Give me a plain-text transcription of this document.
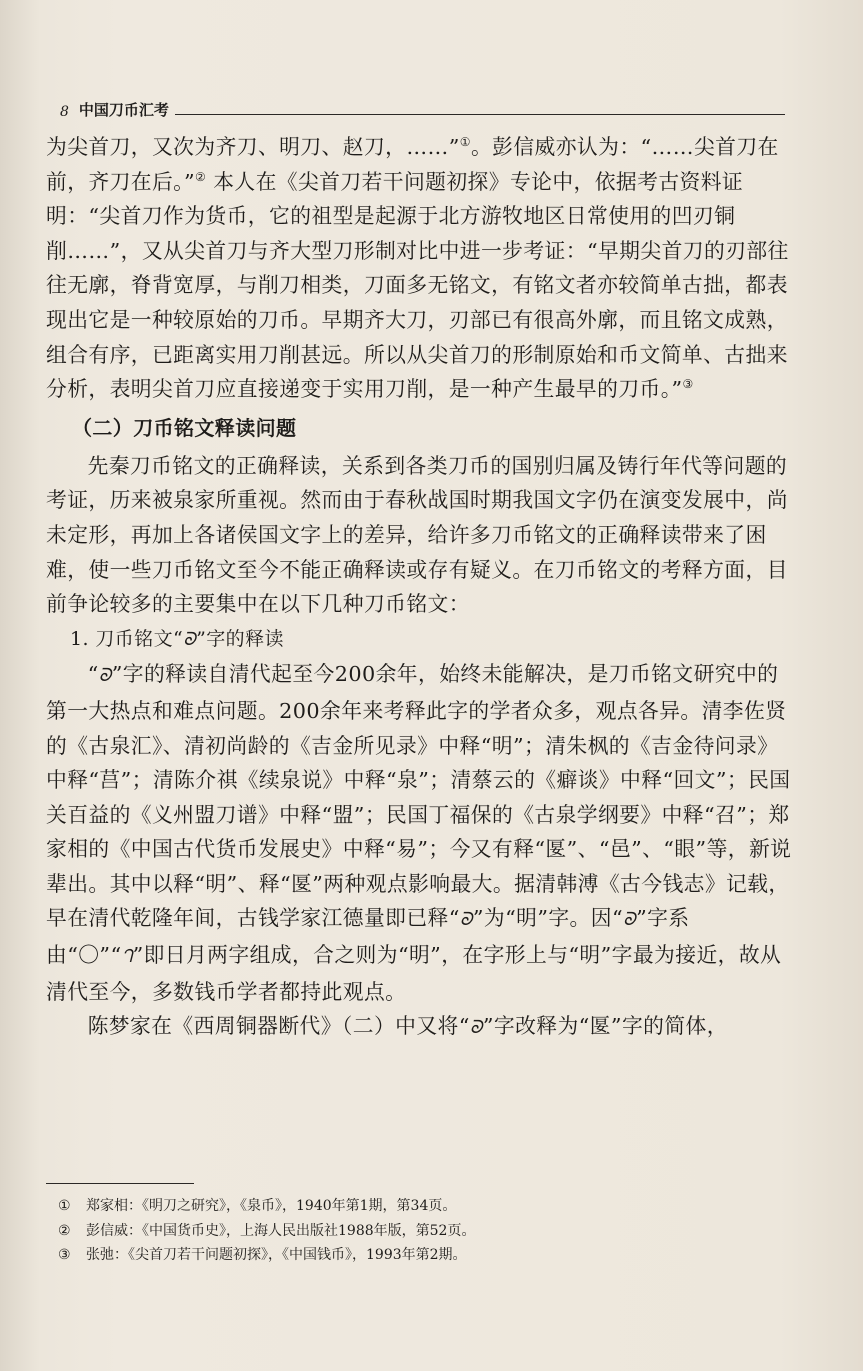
8 中国刀币汇考

为尖首刀，又次为齐刀、明刀、赵刀，……”①。彭信威亦认为：“……尖首刀在前，齐刀在后。”② 本人在《尖首刀若干问题初探》专论中，依据考古资料证明：“尖首刀作为货币，它的祖型是起源于北方游牧地区日常使用的凹刃铜削……”，又从尖首刀与齐大型刀形制对比中进一步考证：“早期尖首刀的刃部往往无廓，脊背宽厚，与削刀相类，刀面多无铭文，有铭文者亦较简单古拙，都表现出它是一种较原始的刀币。早期齐大刀，刃部已有很高外廓，而且铭文成熟，组合有序，已距离实用刀削甚远。所以从尖首刀的形制原始和币文简单、古拙来分析，表明尖首刀应直接递变于实用刀削，是一种产生最早的刀币。”③

（二）刀币铭文释读问题

先秦刀币铭文的正确释读，关系到各类刀币的国别归属及铸行年代等问题的考证，历来被泉家所重视。然而由于春秋战国时期我国文字仍在演变发展中，尚未定形，再加上各诸侯国文字上的差异，给许多刀币铭文的正确释读带来了困难，使一些刀币铭文至今不能正确释读或存有疑义。在刀币铭文的考释方面，目前争论较多的主要集中在以下几种刀币铭文：

1. 刀币铭文“ᘐ”字的释读

“ᘐ”字的释读自清代起至今200余年，始终未能解决，是刀币铭文研究中的第一大热点和难点问题。200余年来考释此字的学者众多，观点各异。清李佐贤的《古泉汇》、清初尚龄的《吉金所见录》中释“明”；清朱枫的《吉金待问录》中释“莒”；清陈介祺《续泉说》中释“泉”；清蔡云的《癖谈》中释“回文”；民国关百益的《义州盟刀谱》中释“盟”；民国丁福保的《古泉学纲要》中释“召”；郑家相的《中国古代货币发展史》中释“易”；今又有释“匽”、“邑”、“眼”等，新说辈出。其中以释“明”、释“匽”两种观点影响最大。据清韩溥《古今钱志》记载，早在清代乾隆年间，古钱学家江德量即已释“ᘐ”为“明”字。因“ᘐ”字系由“〇”“ᘃ”即日月两字组成，合之则为“明”，在字形上与“明”字最为接近，故从清代至今，多数钱币学者都持此观点。

陈梦家在《西周铜器断代》（二）中又将“ᘐ”字改释为“匽”字的简体，

①	郑家相：《明刀之研究》，《泉币》，1940年第1期，第34页。
②	彭信威：《中国货币史》，上海人民出版社1988年版，第52页。
③	张弛：《尖首刀若干问题初探》，《中国钱币》，1993年第2期。
